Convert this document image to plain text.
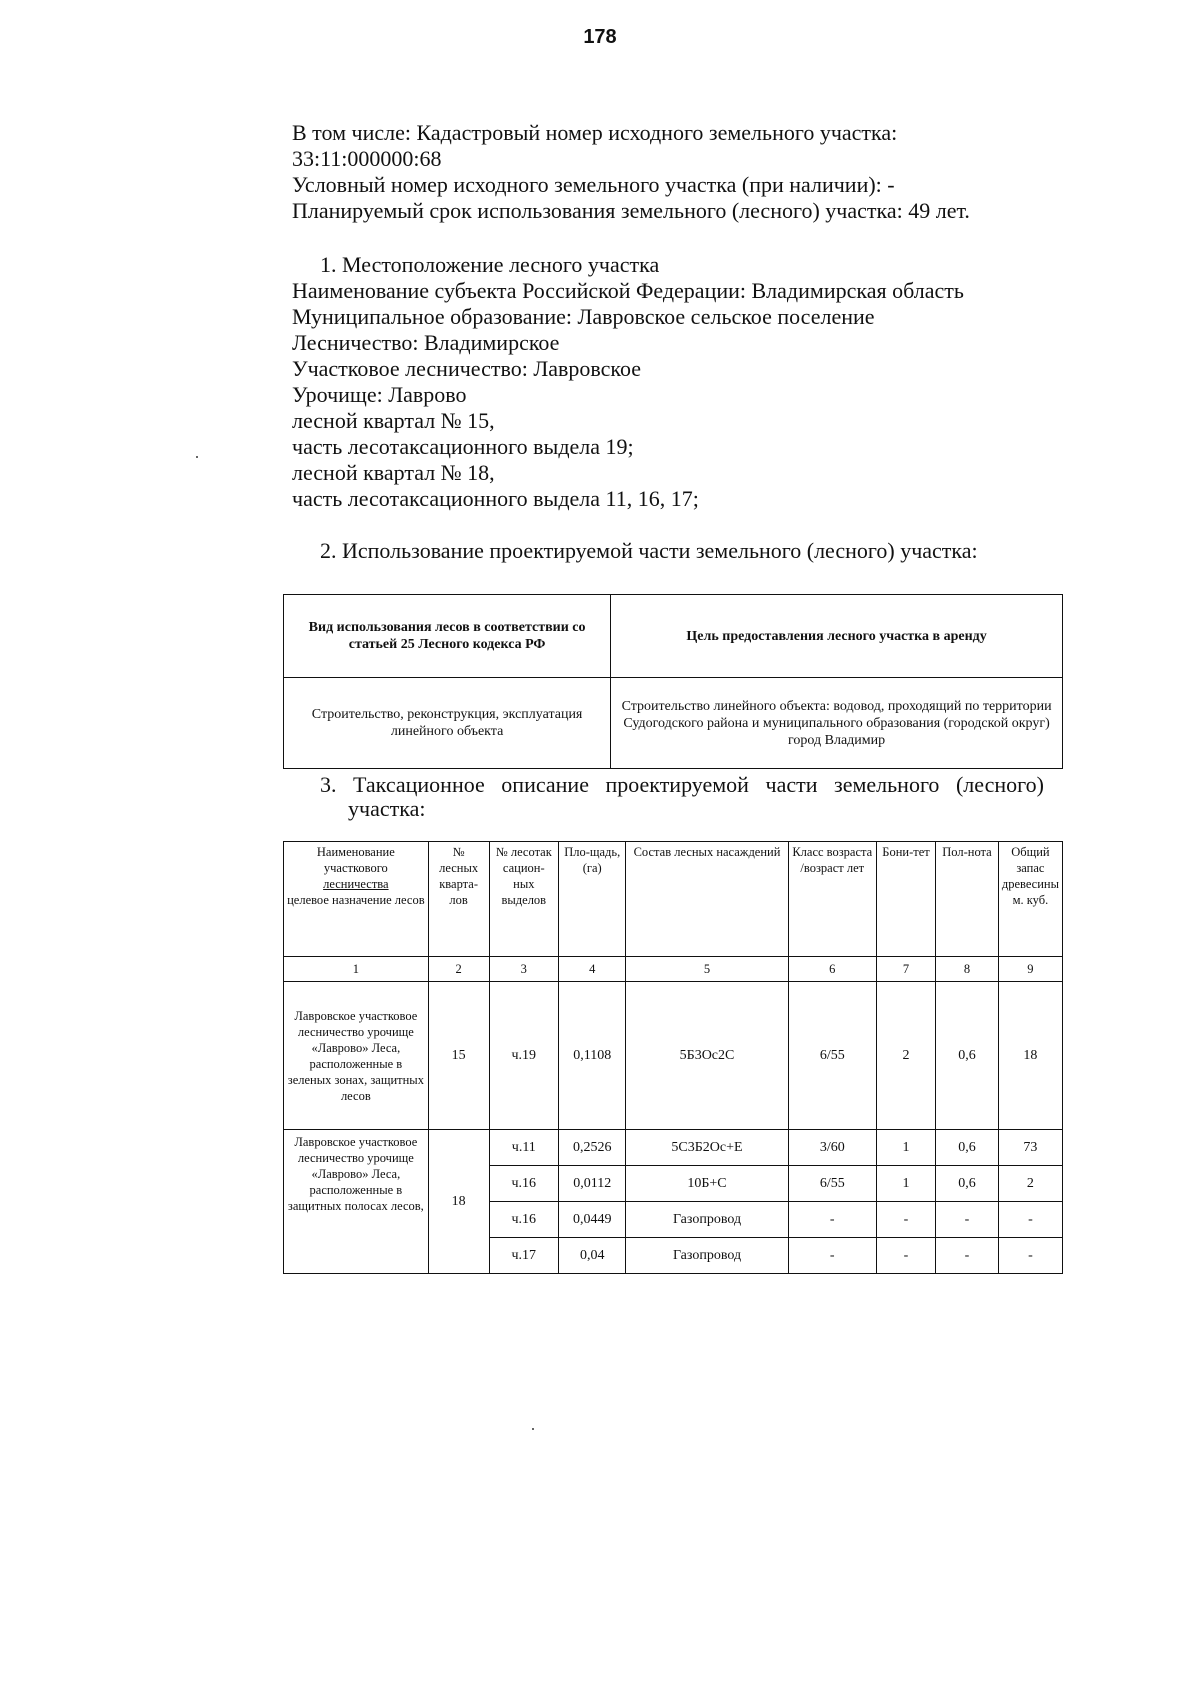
178
В том числе: Кадастровый номер исходного земельного участка:
33:11:000000:68
Условный номер исходного земельного участка (при наличии): -
Планируемый срок использования земельного (лесного) участка: 49 лет.
1. Местоположение лесного участка
Наименование субъекта Российской Федерации: Владимирская область
Муниципальное образование: Лавровское сельское поселение
Лесничество: Владимирское
Участковое лесничество: Лавровское
Урочище: Лаврово
лесной квартал № 15,
часть лесотаксационного выдела 19;
лесной квартал № 18,
часть лесотаксационного выдела 11, 16, 17;
2. Использование проектируемой части земельного (лесного) участка:
Вид использования лесов в соответствии со статьей 25 Лесного кодекса РФ	Цель предоставления лесного участка в аренду
Строительство, реконструкция, эксплуатация линейного объекта	Строительство линейного объекта: водовод, проходящий по территории Судогодского района и муниципального образования (городской округ) город Владимир
3. Таксационное описание проектируемой части земельного (лесного)
участка:
Наименование участкового
лесничества
целевое назначение лесов	№ лесных кварта-лов	№ лесотак сацион-ных выделов	Пло-щадь, (га)	Состав лесных насаждений	Класс возраста /возраст лет	Бони-тет	Пол-нота	Общий запас древесины м. куб.
1	2	3	4	5	6	7	8	9
Лавровское участковое лесничество урочище «Лаврово» Леса, расположенные в зеленых зонах, защитных лесов	15	ч.19	0,1108	5Б3Ос2С	6/55	2	0,6	18
Лавровское участковое лесничество урочище «Лаврово» Леса, расположенные в защитных полосах лесов,	18	ч.11	0,2526	5С3Б2Ос+Е	3/60	1	0,6	73
		ч.16	0,0112	10Б+С	6/55	1	0,6	2
		ч.16	0,0449	Газопровод	-	-	-	-
		ч.17	0,04	Газопровод	-	-	-	-
